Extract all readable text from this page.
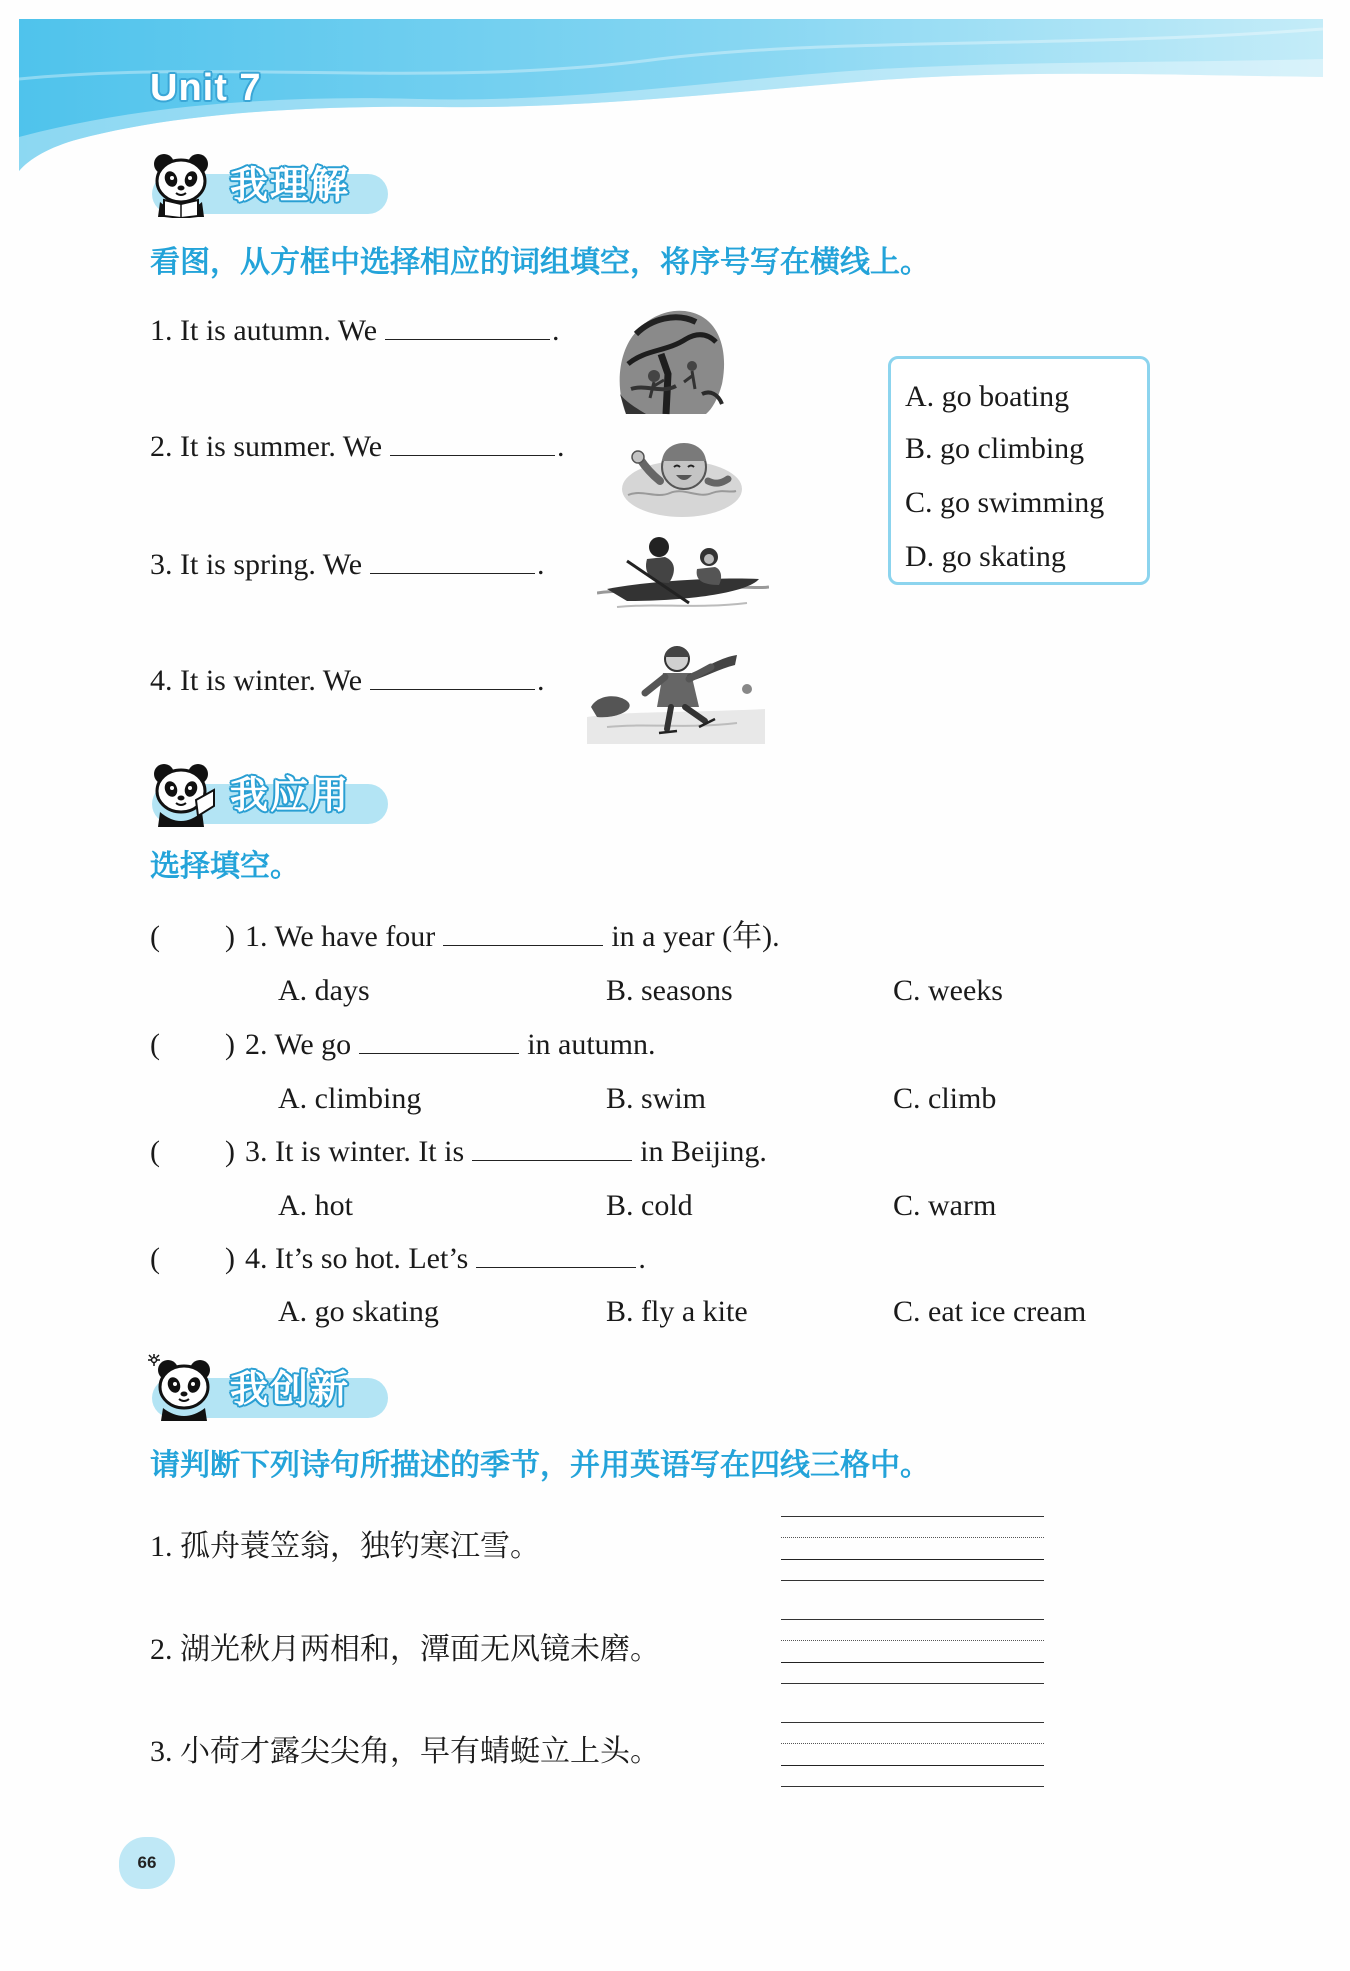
Unit 7
我理解
看图，从方框中选择相应的词组填空，将序号写在横线上。
1. It is autumn. We	.
2. It is summer. We	.
3. It is spring. We	.
4. It is winter. We	.
A. go boating
B. go climbing
C. go swimming
D. go skating
我应用
选择填空。
( ) 1. We have four	in a year (年).
A. days	B. seasons	C. weeks
( ) 2. We go	in autumn.
A. climbing	B. swim	C. climb
( ) 3. It is winter. It is	in Beijing.
A. hot	B. cold	C. warm
( ) 4. It’s so hot. Let’s	.
A. go skating	B. fly a kite	C. eat ice cream
我创新
请判断下列诗句所描述的季节，并用英语写在四线三格中。
1. 孤舟蓑笠翁，独钓寒江雪。
2. 湖光秋月两相和，潭面无风镜未磨。
3. 小荷才露尖尖角，早有蜻蜓立上头。
66
